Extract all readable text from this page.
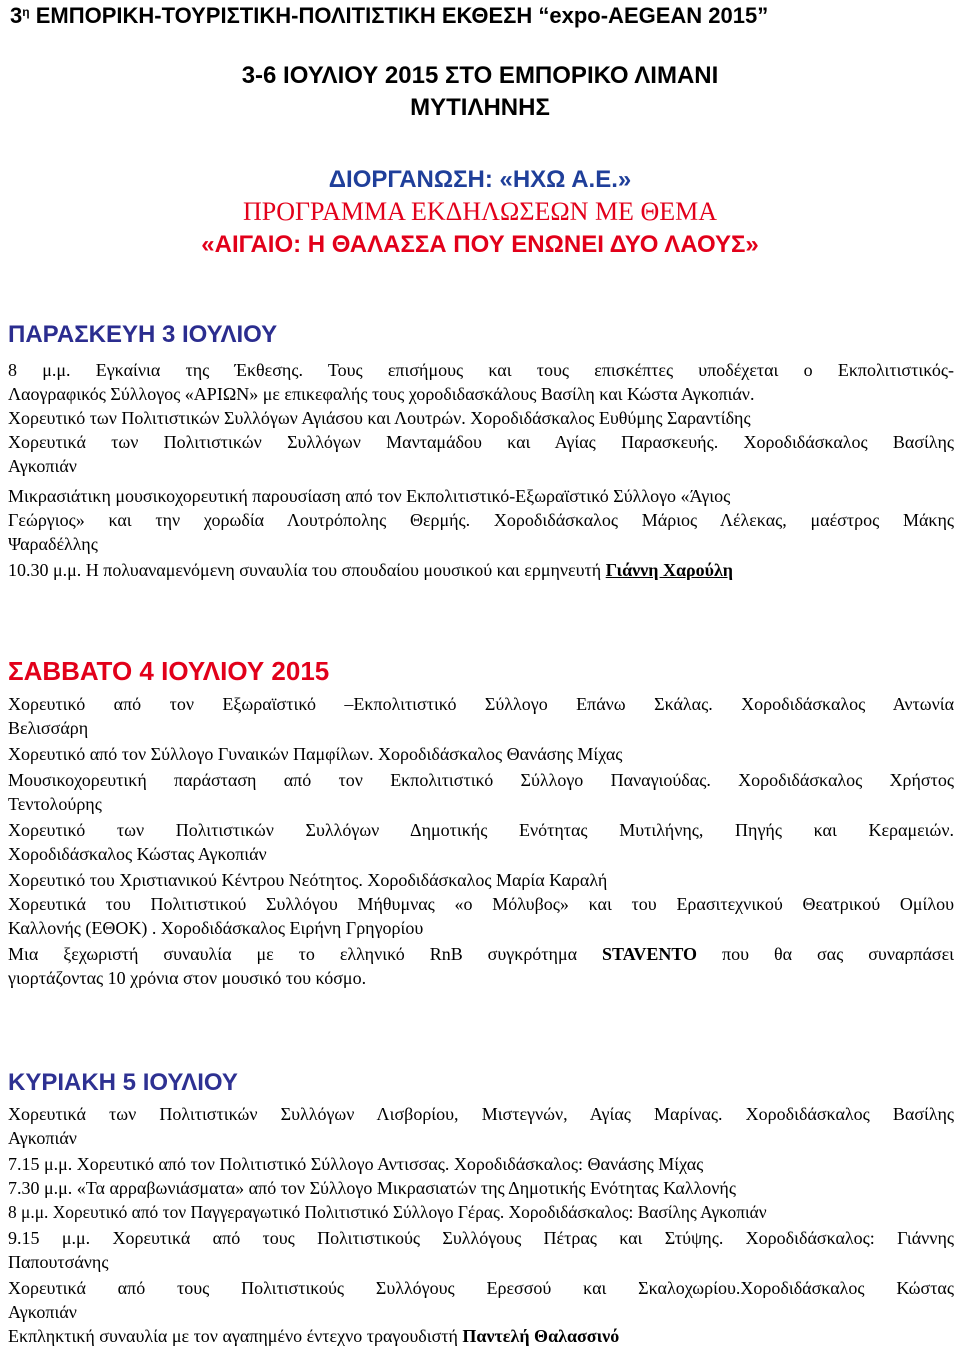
$3^\eta$ ΕΜΠΟΡΙΚΗ-ΤΟΥΡΙΣΤΙΚΗ-ΠΟΛΙΤΙΣΤΙΚΗ ΕΚΘΕΣΗ “expo-AEGEAN 2015”
3-6 ΙΟΥΛΙΟΥ 2015 ΣΤΟ ΕΜΠΟΡΙΚΟ ΛΙΜΑΝΙ
ΜΥΤΙΛΗΝΗΣ
ΔΙΟΡΓΑΝΩΣΗ: «ΗΧΩ Α.Ε.»
ΠΡΟΓΡΑΜΜΑ ΕΚΔΗΛΩΣΕΩΝ ΜΕ ΘΕΜΑ
«ΑΙΓΑΙΟ: Η ΘΑΛΑΣΣΑ ΠΟΥ ΕΝΩΝΕΙ ΔΥΟ ΛΑΟΥΣ»
ΠΑΡΑΣΚΕΥΗ 3 ΙΟΥΛΙΟΥ
8 μ.μ. Εγκαίνια της Έκθεσης. Τους επισήμους και τους επισκέπτες υποδέχεται ο Εκπολιτιστικός-
Λαογραφικός Σύλλογος «ΑΡΙΩΝ» με επικεφαλής τους χοροδιδασκάλους Βασίλη και Κώστα Αγκοπιάν.
Χορευτικό των Πολιτιστικών Συλλόγων Αγιάσου και Λουτρών. Χοροδιδάσκαλος Ευθύμης Σαραντίδης
Χορευτικά των Πολιτιστικών Συλλόγων Μανταμάδου και Αγίας Παρασκευής. Χοροδιδάσκαλος Βασίλης
Αγκοπιάν
Μικρασιάτικη μουσικοχορευτική παρουσίαση από τον Εκπολιτιστικό-Εξωραϊστικό Σύλλογο «Άγιος
Γεώργιος» και την χορωδία Λουτρόπολης Θερμής. Χοροδιδάσκαλος Μάριος Λέλεκας, μαέστρος Μάκης
Ψαραδέλλης
10.30 μ.μ. Η πολυαναμενόμενη συναυλία του σπουδαίου μουσικού και ερμηνευτή Γιάννη Χαρούλη
ΣΑΒΒΑΤΟ 4 ΙΟΥΛΙΟΥ 2015
Χορευτικό από τον Εξωραϊστικό –Εκπολιτιστικό Σύλλογο Επάνω Σκάλας. Χοροδιδάσκαλος Αντωνία
Βελισσάρη
Χορευτικό από τον Σύλλογο Γυναικών Παμφίλων. Χοροδιδάσκαλος Θανάσης Μίχας
Μουσικοχορευτική παράσταση από τον Εκπολιτιστικό Σύλλογο Παναγιούδας. Χοροδιδάσκαλος Χρήστος
Τεντολούρης
Χορευτικό των Πολιτιστικών Συλλόγων Δημοτικής Ενότητας Μυτιλήνης, Πηγής και Κεραμειών.
Χοροδιδάσκαλος Κώστας Αγκοπιάν
Χορευτικό του Χριστιανικού Κέντρου Νεότητος. Χοροδιδάσκαλος Μαρία Καραλή
Χορευτικά του Πολιτιστικού Συλλόγου Μήθυμνας «ο Μόλυβος» και του Ερασιτεχνικού Θεατρικού Ομίλου
Καλλονής (ΕΘΟΚ) . Χοροδιδάσκαλος Ειρήνη Γρηγορίου
Μια ξεχωριστή συναυλία με το ελληνικό RnB συγκρότημα STAVENTO που θα σας συναρπάσει
γιορτάζοντας 10 χρόνια στον μουσικό του κόσμο.
ΚΥΡΙΑΚΗ 5 ΙΟΥΛΙΟΥ
Χορευτικά των Πολιτιστικών Συλλόγων Λισβορίου, Μιστεγνών, Αγίας Μαρίνας. Χοροδιδάσκαλος Βασίλης
Αγκοπιάν
7.15 μ.μ. Χορευτικό από τον Πολιτιστικό Σύλλογο Αντισσας. Χοροδιδάσκαλος: Θανάσης Μίχας
7.30 μ.μ. «Τα αρραβωνιάσματα» από τον Σύλλογο Μικρασιατών της Δημοτικής Ενότητας Καλλονής
8 μ.μ. Χορευτικό από τον Παγγεραγωτικό Πολιτιστικό Σύλλογο Γέρας. Χοροδιδάσκαλος: Βασίλης Αγκοπιάν
9.15 μ.μ. Χορευτικά από τους Πολιτιστικούς Συλλόγους Πέτρας και Στύψης. Χοροδιδάσκαλος: Γιάννης
Παπουτσάνης
Χορευτικά από τους Πολιτιστικούς Συλλόγους Ερεσσού και Σκαλοχωρίου.Χοροδιδάσκαλος Κώστας
Αγκοπιάν
Εκπληκτική συναυλία με τον αγαπημένο έντεχνο τραγουδιστή Παντελή Θαλασσινό
